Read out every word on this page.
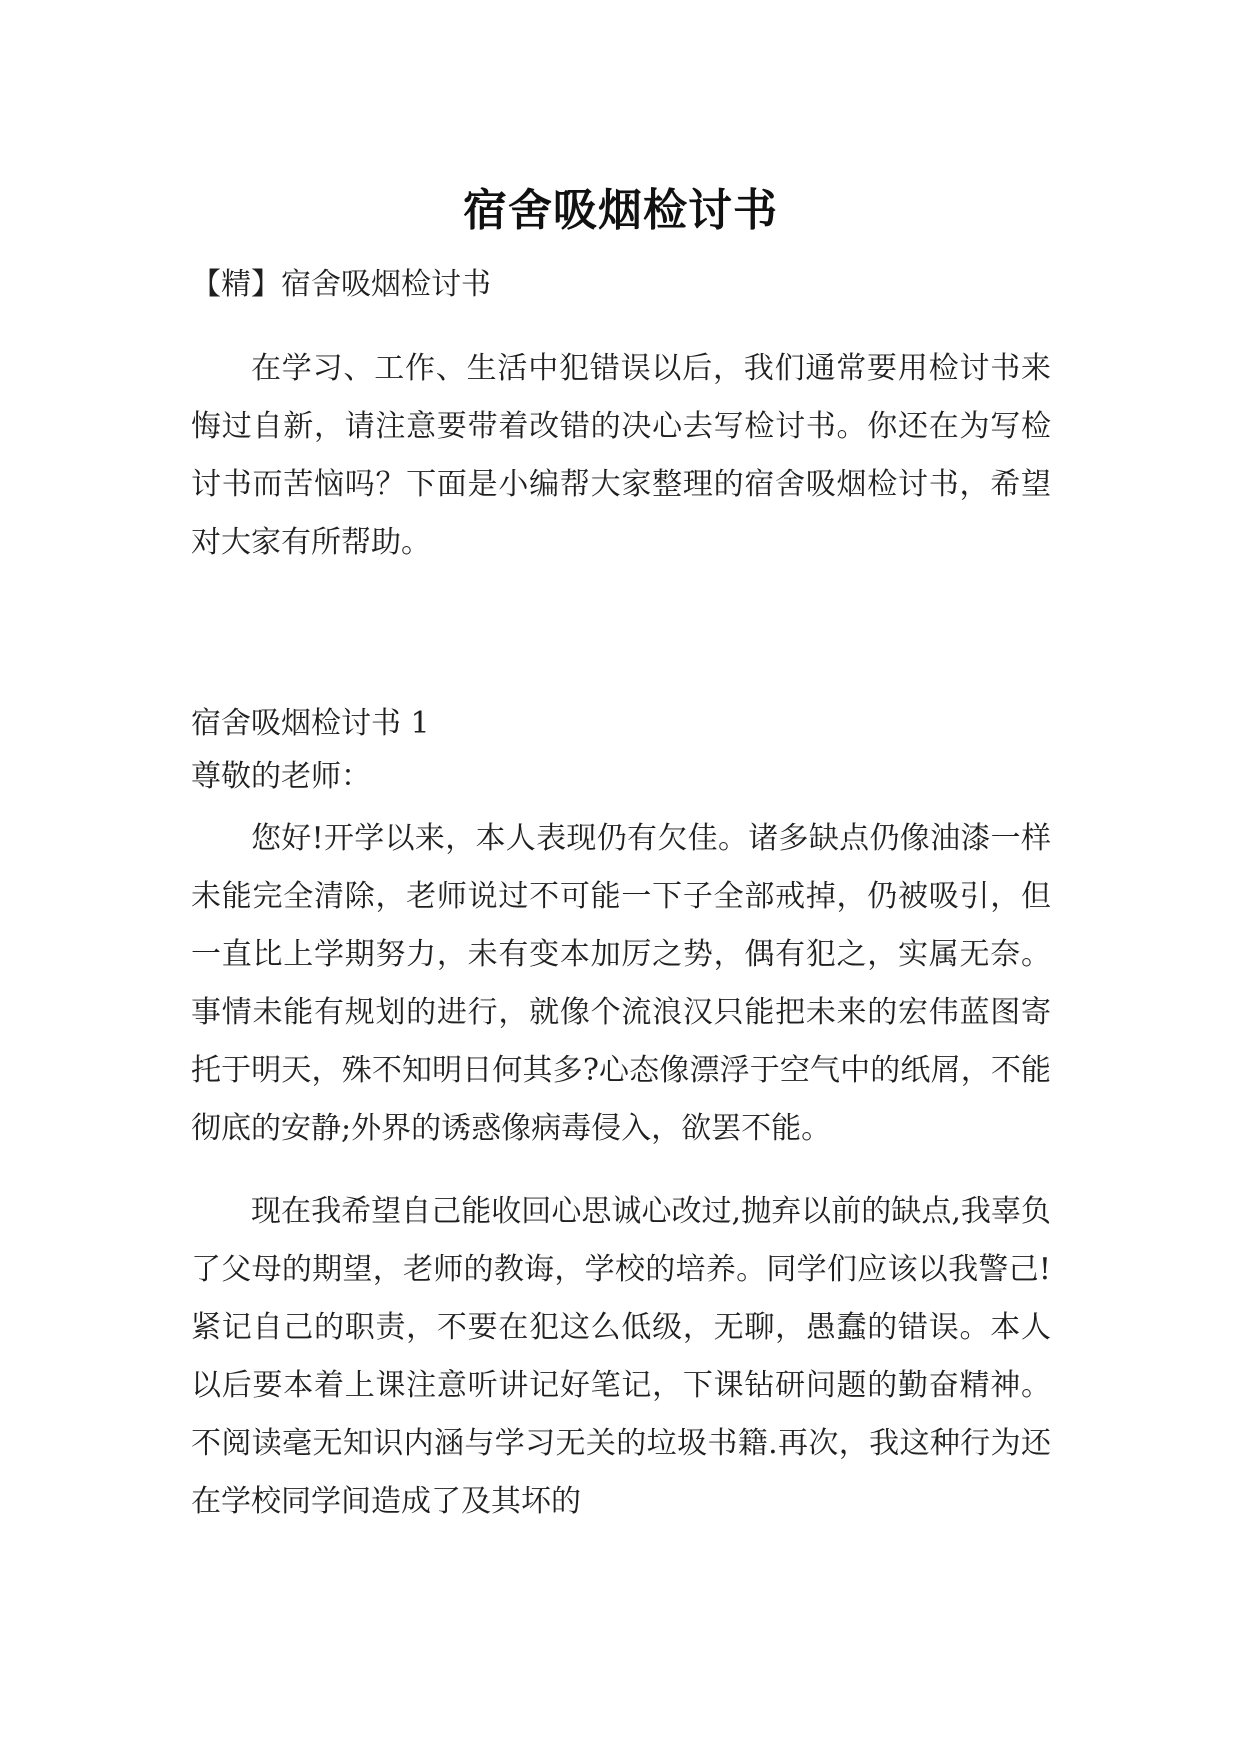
宿舍吸烟检讨书

【精】宿舍吸烟检讨书

在学习、工作、生活中犯错误以后，我们通常要用检讨书来悔过自新，请注意要带着改错的决心去写检讨书。你还在为写检讨书而苦恼吗？下面是小编帮大家整理的宿舍吸烟检讨书，希望对大家有所帮助。

宿舍吸烟检讨书 1

尊敬的老师：

您好!开学以来，本人表现仍有欠佳。诸多缺点仍像油漆一样未能完全清除，老师说过不可能一下子全部戒掉，仍被吸引，但一直比上学期努力，未有变本加厉之势，偶有犯之，实属无奈。事情未能有规划的进行，就像个流浪汉只能把未来的宏伟蓝图寄托于明天，殊不知明日何其多?心态像漂浮于空气中的纸屑，不能彻底的安静;外界的诱惑像病毒侵入，欲罢不能。

现在我希望自己能收回心思诚心改过,抛弃以前的缺点,我辜负了父母的期望，老师的教诲，学校的培养。同学们应该以我警己!紧记自己的职责，不要在犯这么低级，无聊，愚蠢的错误。本人以后要本着上课注意听讲记好笔记，下课钻研问题的勤奋精神。不阅读毫无知识内涵与学习无关的垃圾书籍.再次，我这种行为还在学校同学间造成了及其坏的
